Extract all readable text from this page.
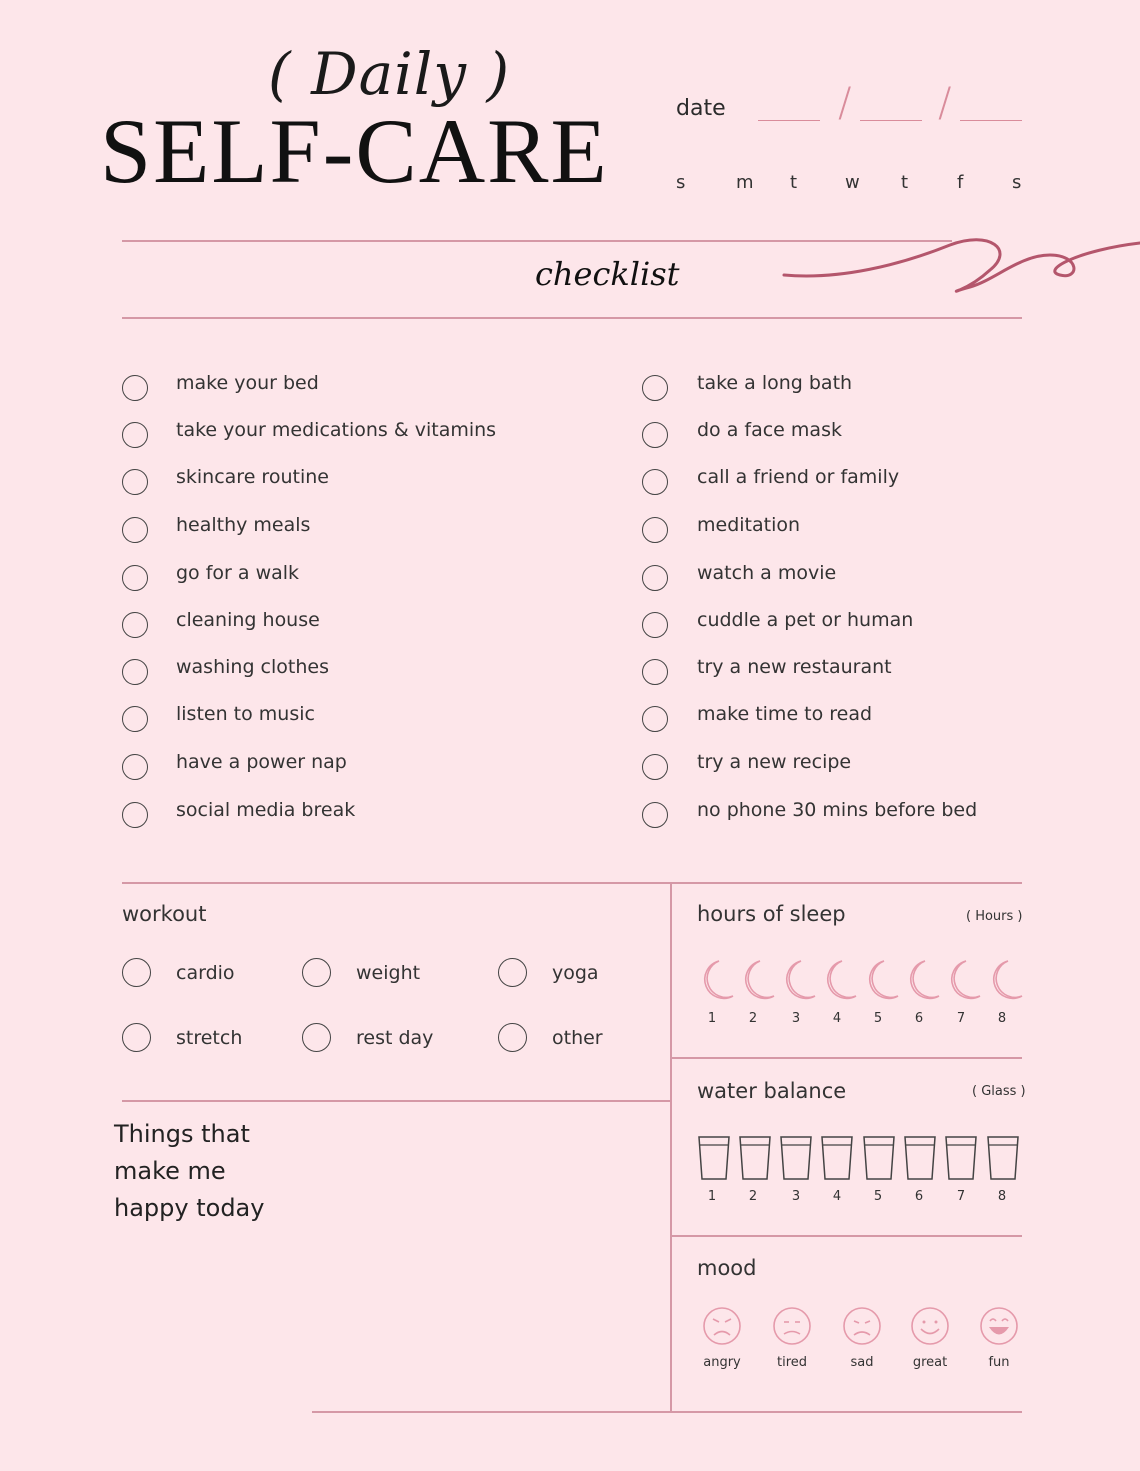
( Daily )
SELF-CARE	date	/ /
s	m t	w t	f	s
checklist
make your bed
take your medications & vitamins
skincare routine
healthy meals
go for a walk
cleaning house
washing clothes
listen to music
have a power nap
social media break
take a long bath
do a face mask
call a friend or family
meditation
watch a movie
cuddle a pet or human
try a new restaurant
make time to read
try a new recipe
no phone 30 mins before bed
workout
cardio	weight	yoga
stretch	rest day	other
Things that
make me
happy today
hours of sleep	( Hours )
1	2	3	4	5	6	7	8
water balance	( Glass )
1	2	3	4	5	6	7	8
mood
angry	tired	sad	great	fun
